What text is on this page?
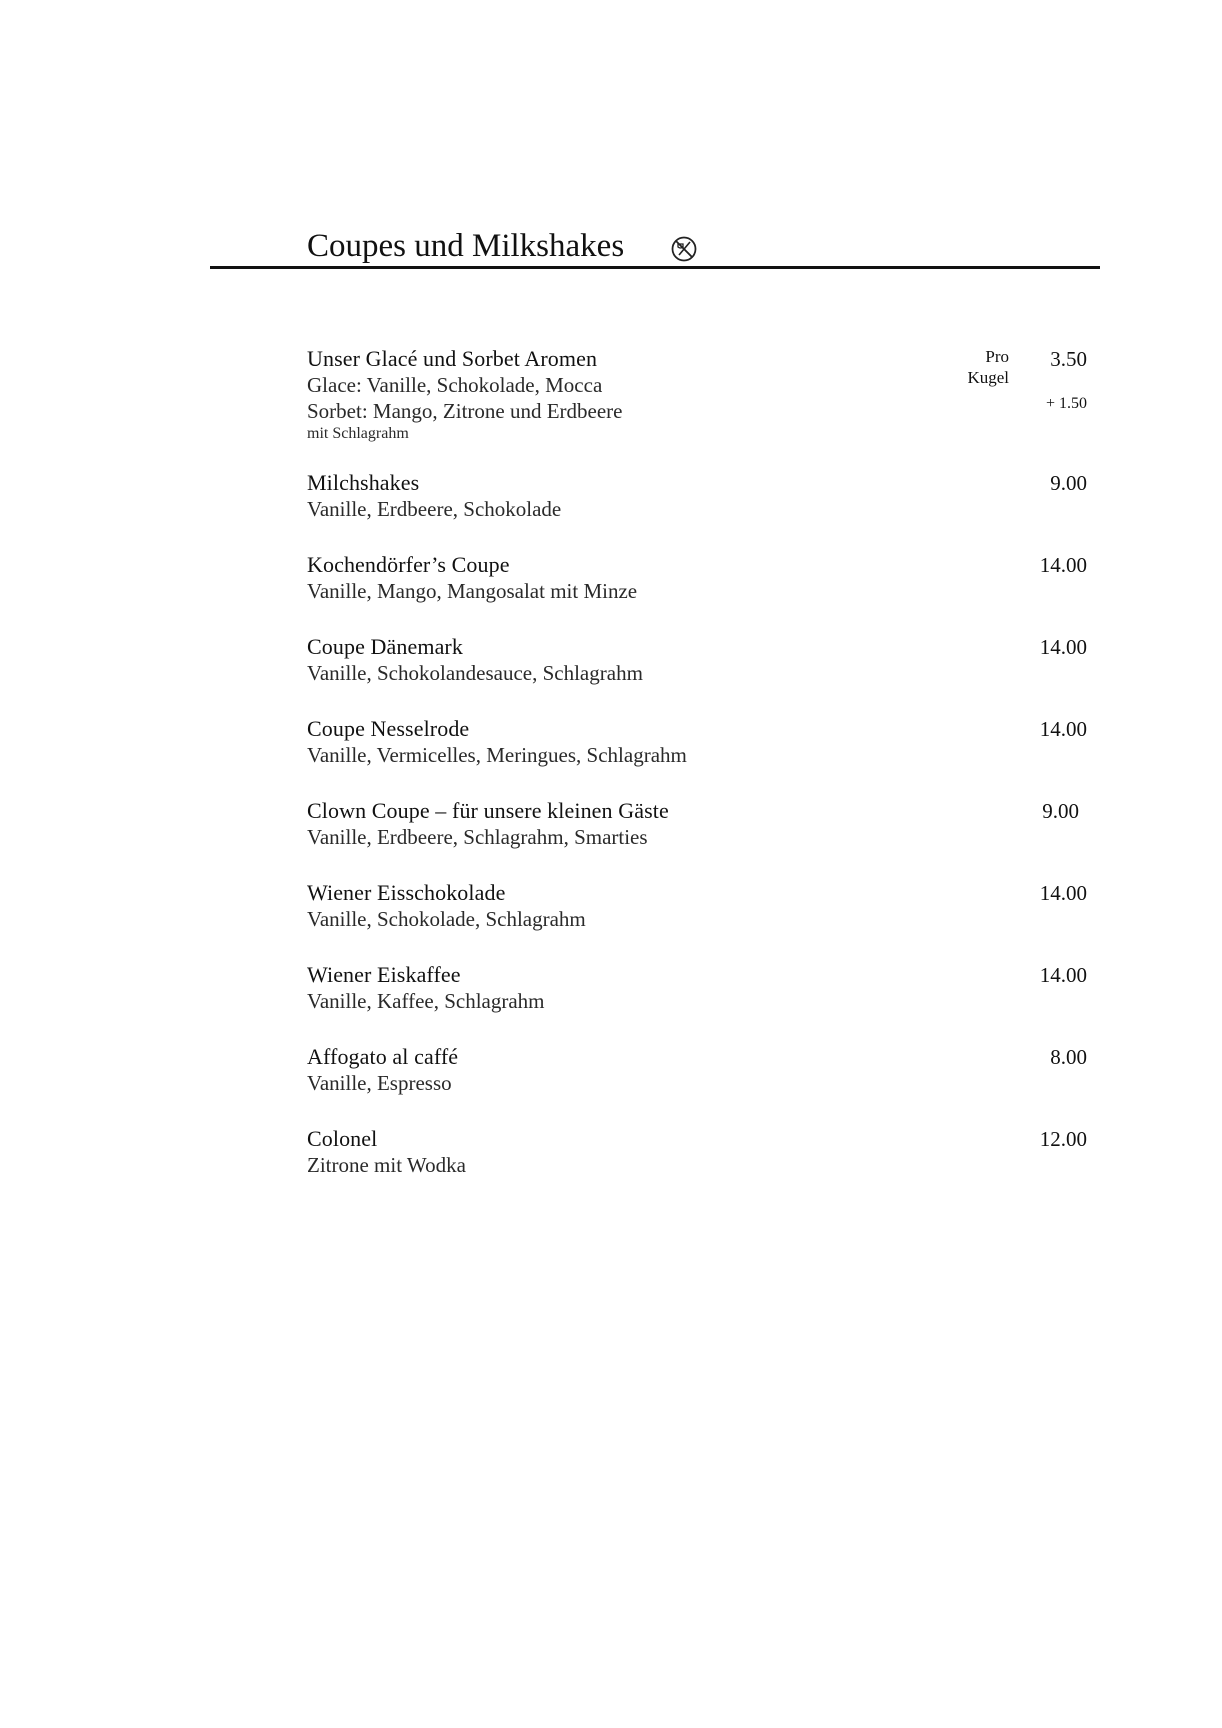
Coupes und Milkshakes
Unser Glacé und Sorbet Aromen
Glace: Vanille, Schokolade, Mocca
Sorbet: Mango, Zitrone und Erdbeere
mit Schlagrahm
Pro
Kugel
3.50
+ 1.50
Milchshakes
Vanille, Erdbeere, Schokolade
9.00
Kochendörfer’s Coupe
Vanille, Mango, Mangosalat mit Minze
14.00
Coupe Dänemark
Vanille, Schokolandesauce, Schlagrahm
14.00
Coupe Nesselrode
Vanille, Vermicelles, Meringues, Schlagrahm
14.00
Clown Coupe – für unsere kleinen Gäste
Vanille, Erdbeere, Schlagrahm, Smarties
9.00
Wiener Eisschokolade
Vanille, Schokolade, Schlagrahm
14.00
Wiener Eiskaffee
Vanille, Kaffee, Schlagrahm
14.00
Affogato al caffé
Vanille, Espresso
8.00
Colonel
Zitrone mit Wodka
12.00
